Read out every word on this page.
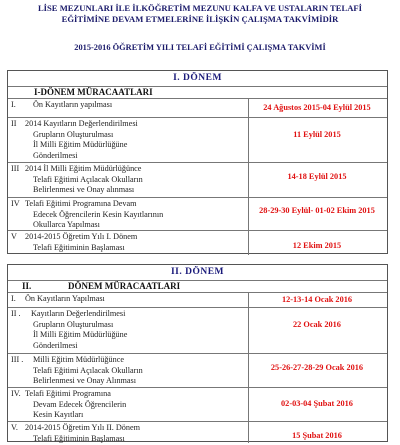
LİSE MEZUNLARI İLE İLKÖĞRETİM MEZUNU KALFA VE USTALARIN TELAFİ
EĞİTİMİNE DEVAM ETMELERİNE İLİŞKİN ÇALIŞMA TAKVİMİDİR
2015-2016 ÖĞRETİM YILI TELAFİ EĞİTİMİ ÇALIŞMA TAKVİMİ
I. DÖNEM
I-DÖNEM MÜRACAATLARI
I. Ön Kayıtların yapılması	24 Ağustos 2015-04 Eylül 2015
II 2014 Kayıtların Değerlendirilmesi
Grupların Oluşturulması
İl Milli Eğitim Müdürlüğüne
Gönderilmesi
11 Eylül 2015
III 2014 İl Milli Eğitim Müdürlüğünce
Telafi Eğitimi Açılacak Okulların
Belirlenmesi ve Onay alınması
14-18 Eylül 2015
IV Telafi Eğitimi Programına Devam
Edecek Öğrencilerin Kesin Kayıtlarının
Okullarca Yapılması
28-29-30 Eylül- 01-02 Ekim 2015
V 2014-2015 Öğretim Yılı I. Dönem
Telafi Eğitiminin Başlaması	12 Ekim 2015
II. DÖNEM
II.	DÖNEM MÜRACAATLARI
I. Ön Kayıtların Yapılması	12-13-14 Ocak 2016
II . Kayıtların Değerlendirilmesi
Grupların Oluşturulması
İl Milli Eğitim Müdürlüğüne
Gönderilmesi
22 Ocak 2016
III . Milli Eğitim Müdürlüğünce
Telafi Eğitimi Açılacak Okulların
Belirlenmesi ve Onay Alınması
25-26-27-28-29 Ocak 2016
IV. Telafi Eğitimi Programına
Devam Edecek Öğrencilerin
Kesin Kayıtları
02-03-04 Şubat 2016
V. 2014-2015 Öğretim Yılı II. Dönem
Telafi Eğitiminin Başlaması	15 Şubat 2016
